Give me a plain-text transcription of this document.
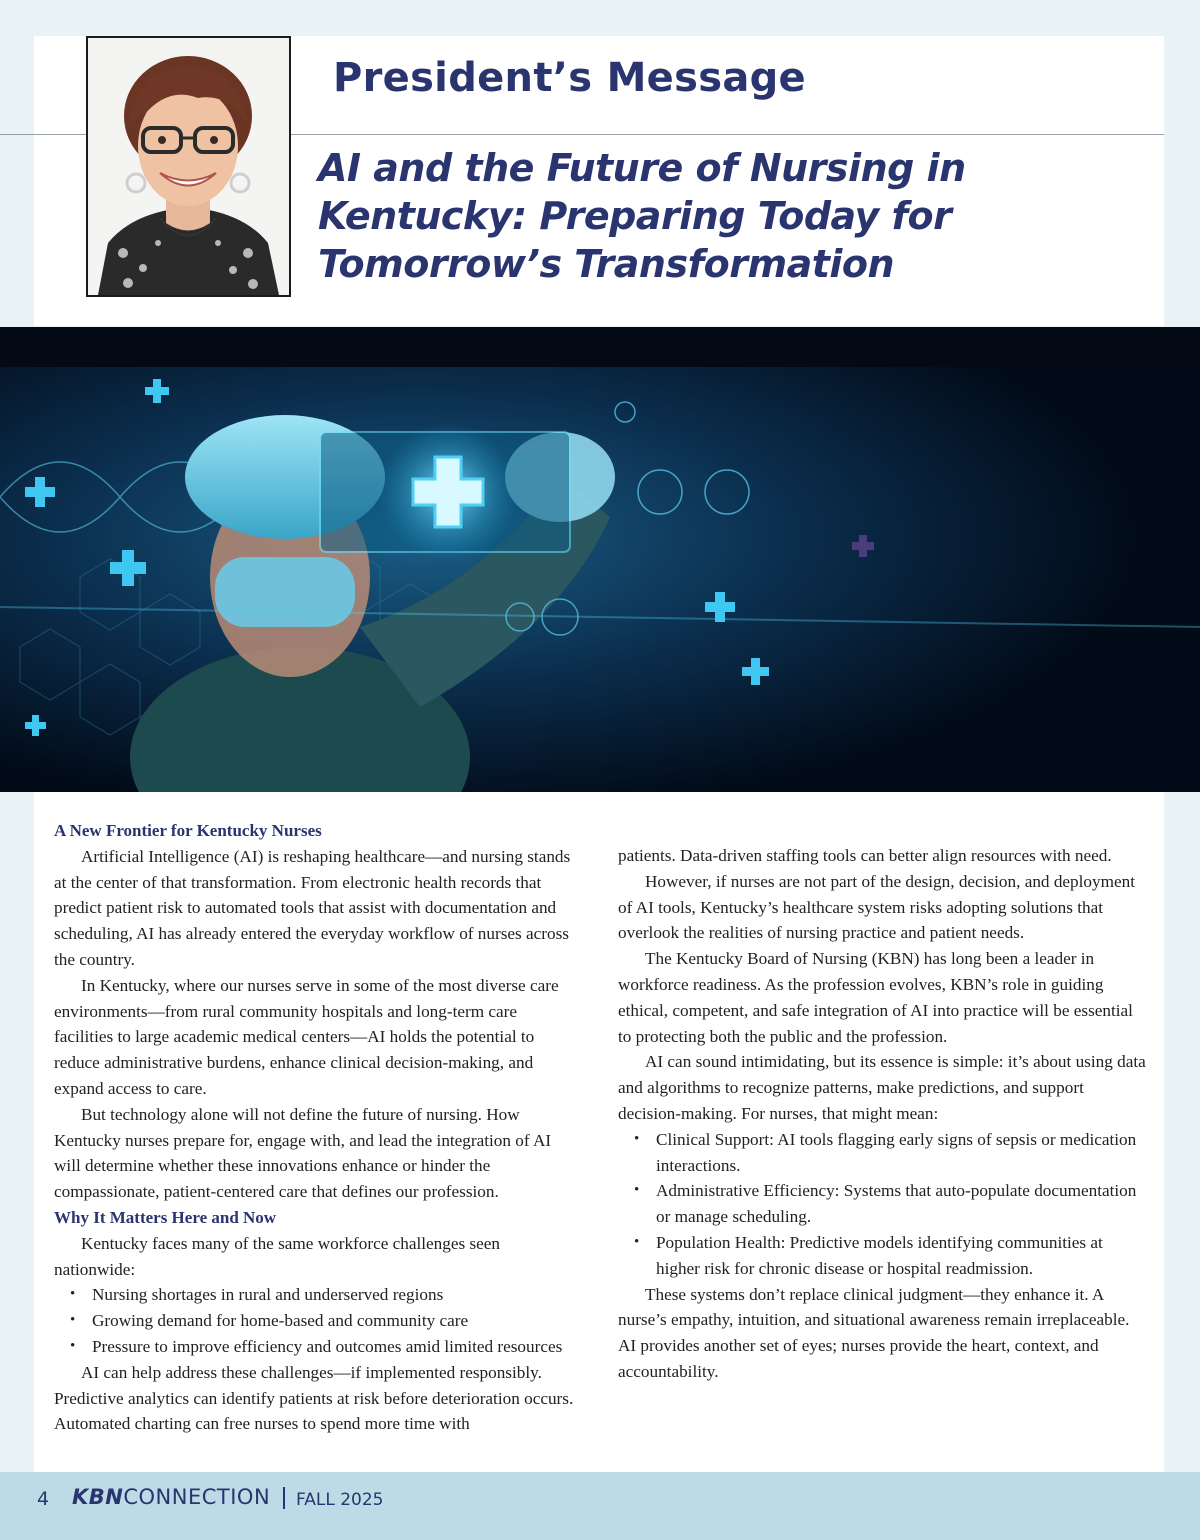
President’s Message
AI and the Future of Nursing in
Kentucky: Preparing Today for
Tomorrow’s Transformation
A New Frontier for Kentucky Nurses

Artificial Intelligence (AI) is reshaping healthcare—and nursing stands at the center of that transformation. From electronic health records that predict patient risk to automated tools that assist with documentation and scheduling, AI has already entered the everyday workflow of nurses across the country.

In Kentucky, where our nurses serve in some of the most diverse care environments—from rural community hospitals and long-term care facilities to large academic medical centers—AI holds the potential to reduce administrative burdens, enhance clinical decision-making, and expand access to care.

But technology alone will not define the future of nursing. How Kentucky nurses prepare for, engage with, and lead the integration of AI will determine whether these innovations enhance or hinder the compassionate, patient-centered care that defines our profession.

Why It Matters Here and Now

Kentucky faces many of the same workforce challenges seen nationwide:

• Nursing shortages in rural and underserved regions
• Growing demand for home-based and community care
• Pressure to improve efficiency and outcomes amid limited resources

AI can help address these challenges—if implemented responsibly. Predictive analytics can identify patients at risk before deterioration occurs. Automated charting can free nurses to spend more time with

patients. Data-driven staffing tools can better align resources with need.

However, if nurses are not part of the design, decision, and deployment of AI tools, Kentucky’s healthcare system risks adopting solutions that overlook the realities of nursing practice and patient needs.

The Kentucky Board of Nursing (KBN) has long been a leader in workforce readiness. As the profession evolves, KBN’s role in guiding ethical, competent, and safe integration of AI into practice will be essential to protecting both the public and the profession.

AI can sound intimidating, but its essence is simple: it’s about using data and algorithms to recognize patterns, make predictions, and support decision-making. For nurses, that might mean:

• Clinical Support: AI tools flagging early signs of sepsis or medication interactions.
• Administrative Efficiency: Systems that auto-populate documentation or manage scheduling.
• Population Health: Predictive models identifying communities at higher risk for chronic disease or hospital readmission.

These systems don’t replace clinical judgment—they enhance it. A nurse’s empathy, intuition, and situational awareness remain irreplaceable. AI provides another set of eyes; nurses provide the heart, context, and accountability.

4 KBNCONNECTION FALL 2025
